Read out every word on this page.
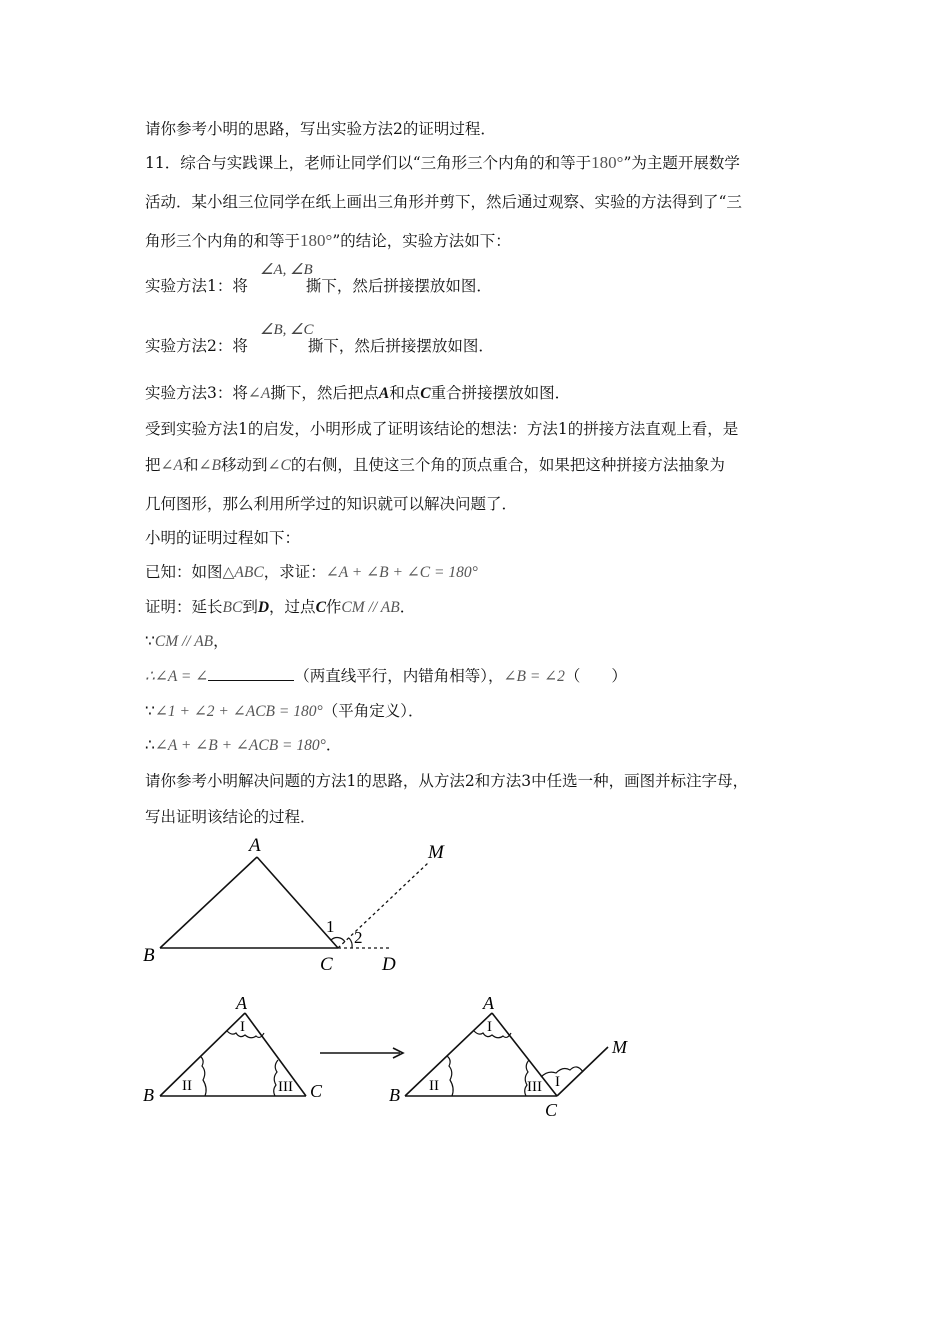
请你参考小明的思路，写出实验方法2的证明过程．
11．综合与实践课上，老师让同学们以“三角形三个内角的和等于180°”为主题开展数学
活动．某小组三位同学在纸上画出三角形并剪下，然后通过观察、实验的方法得到了“三
角形三个内角的和等于180°”的结论，实验方法如下：
∠A, ∠B
实验方法1：将	撕下，然后拼接摆放如图．
∠B, ∠C
实验方法2：将	撕下，然后拼接摆放如图．
实验方法3：将∠A撕下，然后把点A和点C重合拼接摆放如图．
受到实验方法1的启发，小明形成了证明该结论的想法：方法1的拼接方法直观上看，是
把∠A和∠B移动到∠C的右侧，且使这三个角的顶点重合，如果把这种拼接方法抽象为
几何图形，那么利用所学过的知识就可以解决问题了．
小明的证明过程如下：
已知：如图△ABC，求证：∠A + ∠B + ∠C = 180°
证明：延长BC到D，过点C作CM // AB．
∵CM // AB，
∴∠A = ∠	（两直线平行，内错角相等），∠B = ∠2（　　）
∵∠1 + ∠2 + ∠ACB = 180°（平角定义）．
∴∠A + ∠B + ∠ACB = 180°．
请你参考小明解决问题的方法1的思路，从方法2和方法3中任选一种，画图并标注字母，
写出证明该结论的过程．
A
B	C	D
M
1
2
A
B	C
I
II	III
A
B
C
M
I
II	III I
